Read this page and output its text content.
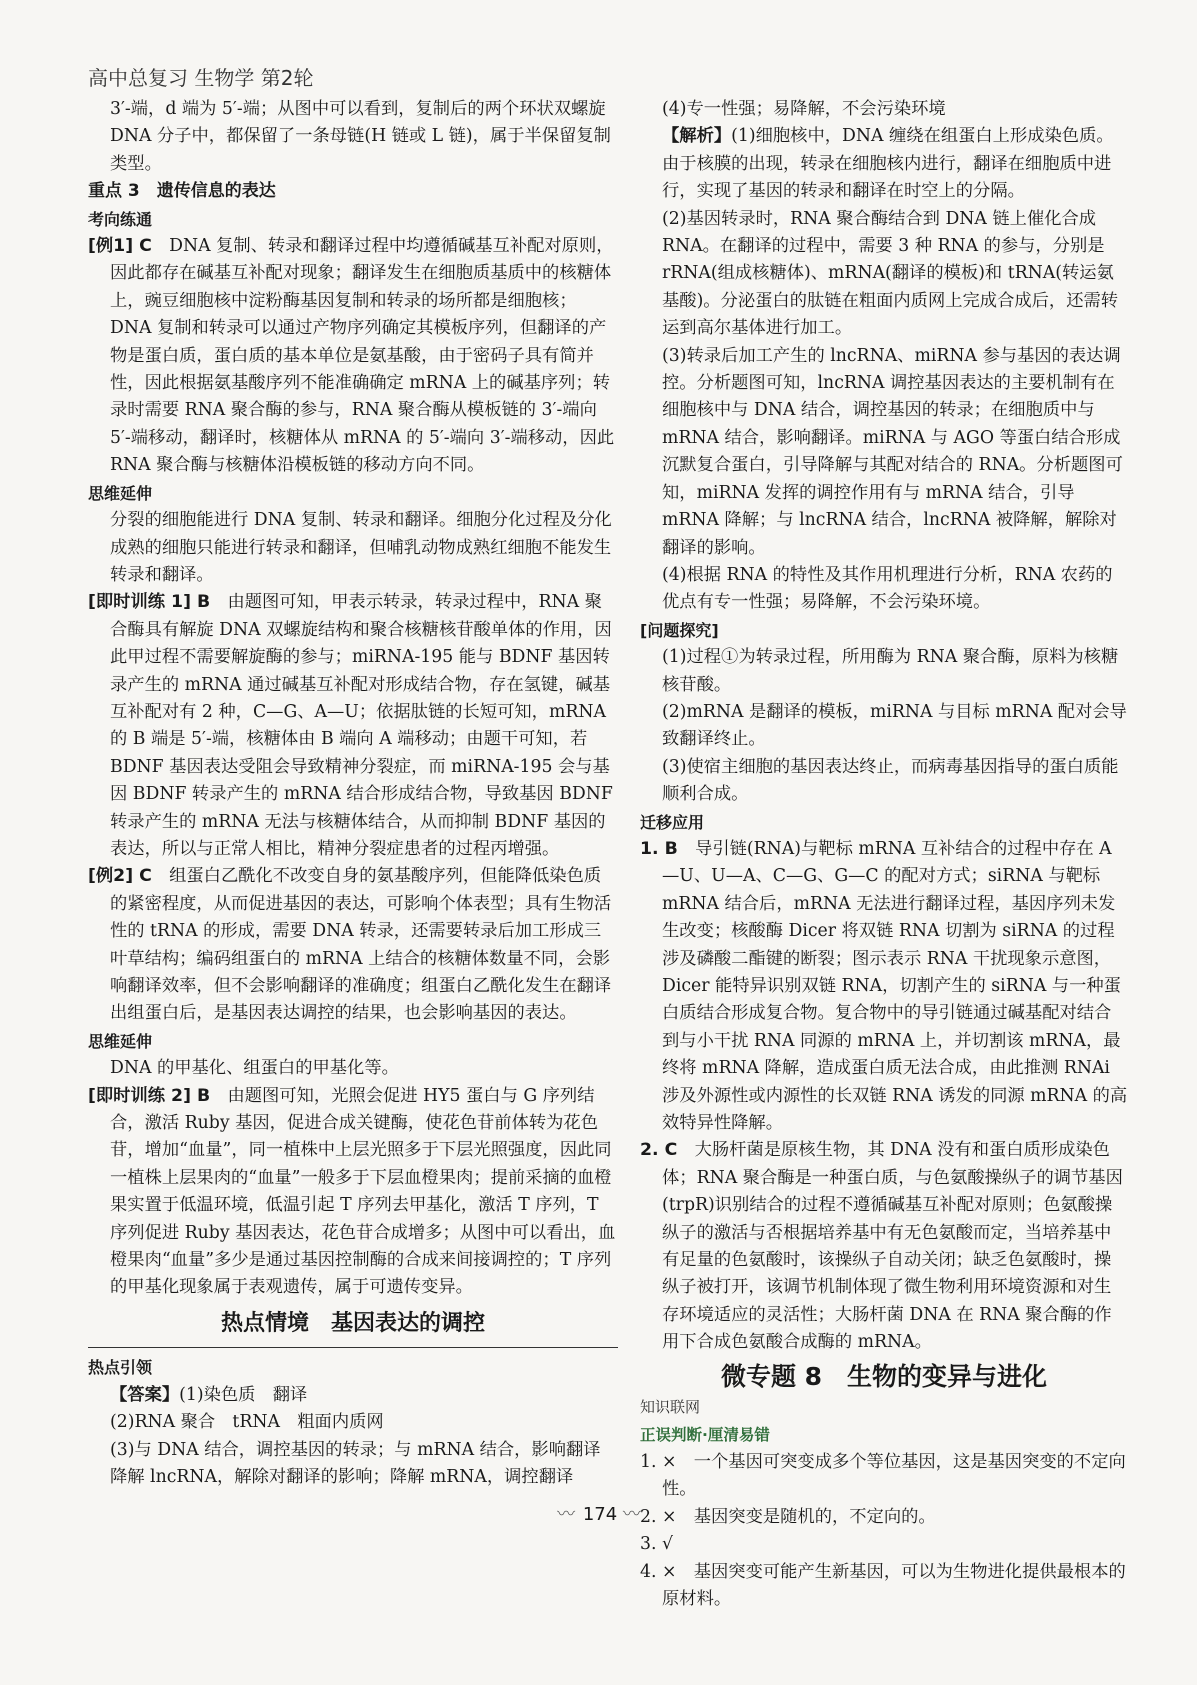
高中总复习 生物学 第2轮

3′-端，d 端为 5′-端；从图中可以看到，复制后的两个环状双螺旋 DNA 分子中，都保留了一条母链(H 链或 L 链)，属于半保留复制类型。

重点 3　遗传信息的表达
考向练通

[例1] C　 DNA 复制、转录和翻译过程中均遵循碱基互补配对原则，因此都存在碱基互补配对现象；翻译发生在细胞质基质中的核糖体上，豌豆细胞核中淀粉酶基因复制和转录的场所都是细胞核；DNA 复制和转录可以通过产物序列确定其模板序列，但翻译的产物是蛋白质，蛋白质的基本单位是氨基酸，由于密码子具有简并性，因此根据氨基酸序列不能准确确定 mRNA 上的碱基序列；转录时需要 RNA 聚合酶的参与，RNA 聚合酶从模板链的 3′-端向 5′-端移动，翻译时，核糖体从 mRNA 的 5′-端向 3′-端移动，因此 RNA 聚合酶与核糖体沿模板链的移动方向不同。

思维延伸

分裂的细胞能进行 DNA 复制、转录和翻译。细胞分化过程及分化成熟的细胞只能进行转录和翻译，但哺乳动物成熟红细胞不能发生转录和翻译。

[即时训练 1] B　 由题图可知，甲表示转录，转录过程中，RNA 聚合酶具有解旋 DNA 双螺旋结构和聚合核糖核苷酸单体的作用，因此甲过程不需要解旋酶的参与；miRNA-195 能与 BDNF 基因转录产生的 mRNA 通过碱基互补配对形成结合物，存在氢键，碱基互补配对有 2 种，C—G、A—U；依据肽链的长短可知，mRNA 的 B 端是 5′-端，核糖体由 B 端向 A 端移动；由题干可知，若 BDNF 基因表达受阻会导致精神分裂症，而 miRNA-195 会与基因 BDNF 转录产生的 mRNA 结合形成结合物，导致基因 BDNF 转录产生的 mRNA 无法与核糖体结合，从而抑制 BDNF 基因的表达，所以与正常人相比，精神分裂症患者的过程丙增强。

[例2] C　 组蛋白乙酰化不改变自身的氨基酸序列，但能降低染色质的紧密程度，从而促进基因的表达，可影响个体表型；具有生物活性的 tRNA 的形成，需要 DNA 转录，还需要转录后加工形成三叶草结构；编码组蛋白的 mRNA 上结合的核糖体数量不同，会影响翻译效率，但不会影响翻译的准确度；组蛋白乙酰化发生在翻译出组蛋白后，是基因表达调控的结果，也会影响基因的表达。

思维延伸

DNA 的甲基化、组蛋白的甲基化等。

[即时训练 2] B　 由题图可知，光照会促进 HY5 蛋白与 G 序列结合，激活 Ruby 基因，促进合成关键酶，使花色苷前体转为花色苷，增加“血量”，同一植株中上层光照多于下层光照强度，因此同一植株上层果肉的“血量”一般多于下层血橙果肉；提前采摘的血橙果实置于低温环境，低温引起 T 序列去甲基化，激活 T 序列，T 序列促进 Ruby 基因表达，花色苷合成增多；从图中可以看出，血橙果肉“血量”多少是通过基因控制酶的合成来间接调控的；T 序列的甲基化现象属于表观遗传，属于可遗传变异。

热点情境　基因表达的调控
热点引领

【答案】(1)染色质　翻译

(2)RNA 聚合　tRNA　粗面内质网

(3)与 DNA 结合，调控基因的转录；与 mRNA 结合，影响翻译　降解 lncRNA，解除对翻译的影响；降解 mRNA，调控翻译

(4)专一性强；易降解，不会污染环境

【解析】(1)细胞核中，DNA 缠绕在组蛋白上形成染色质。由于核膜的出现，转录在细胞核内进行，翻译在细胞质中进行，实现了基因的转录和翻译在时空上的分隔。

(2)基因转录时，RNA 聚合酶结合到 DNA 链上催化合成 RNA。在翻译的过程中，需要 3 种 RNA 的参与，分别是 rRNA(组成核糖体)、mRNA(翻译的模板)和 tRNA(转运氨基酸)。分泌蛋白的肽链在粗面内质网上完成合成后，还需转运到高尔基体进行加工。

(3)转录后加工产生的 lncRNA、miRNA 参与基因的表达调控。分析题图可知，lncRNA 调控基因表达的主要机制有在细胞核中与 DNA 结合，调控基因的转录；在细胞质中与 mRNA 结合，影响翻译。miRNA 与 AGO 等蛋白结合形成沉默复合蛋白，引导降解与其配对结合的 RNA。分析题图可知，miRNA 发挥的调控作用有与 mRNA 结合，引导 mRNA 降解；与 lncRNA 结合，lncRNA 被降解，解除对翻译的影响。

(4)根据 RNA 的特性及其作用机理进行分析，RNA 农药的优点有专一性强；易降解，不会污染环境。

[问题探究]

(1)过程①为转录过程，所用酶为 RNA 聚合酶，原料为核糖核苷酸。

(2)mRNA 是翻译的模板，miRNA 与目标 mRNA 配对会导致翻译终止。

(3)使宿主细胞的基因表达终止，而病毒基因指导的蛋白质能顺利合成。

迁移应用

1. B　 导引链(RNA)与靶标 mRNA 互补结合的过程中存在 A—U、U—A、C—G、G—C 的配对方式；siRNA 与靶标 mRNA 结合后，mRNA 无法进行翻译过程，基因序列未发生改变；核酸酶 Dicer 将双链 RNA 切割为 siRNA 的过程涉及磷酸二酯键的断裂；图示表示 RNA 干扰现象示意图，Dicer 能特异识别双链 RNA，切割产生的 siRNA 与一种蛋白质结合形成复合物。复合物中的导引链通过碱基配对结合到与小干扰 RNA 同源的 mRNA 上，并切割该 mRNA，最终将 mRNA 降解，造成蛋白质无法合成，由此推测 RNAi 涉及外源性或内源性的长双链 RNA 诱发的同源 mRNA 的高效特异性降解。

2. C　 大肠杆菌是原核生物，其 DNA 没有和蛋白质形成染色体；RNA 聚合酶是一种蛋白质，与色氨酸操纵子的调节基因(trpR)识别结合的过程不遵循碱基互补配对原则；色氨酸操纵子的激活与否根据培养基中有无色氨酸而定，当培养基中有足量的色氨酸时，该操纵子自动关闭；缺乏色氨酸时，操纵子被打开，该调节机制体现了微生物利用环境资源和对生存环境适应的灵活性；大肠杆菌 DNA 在 RNA 聚合酶的作用下合成色氨酸合成酶的 mRNA。

微专题 8　生物的变异与进化
知识联网
正误判断·厘清易错

1. ×　一个基因可突变成多个等位基因，这是基因突变的不定向性。

2. ×　基因突变是随机的，不定向的。

3. √

4. ×　基因突变可能产生新基因，可以为生物进化提供最根本的原材料。

〰 174 〰
